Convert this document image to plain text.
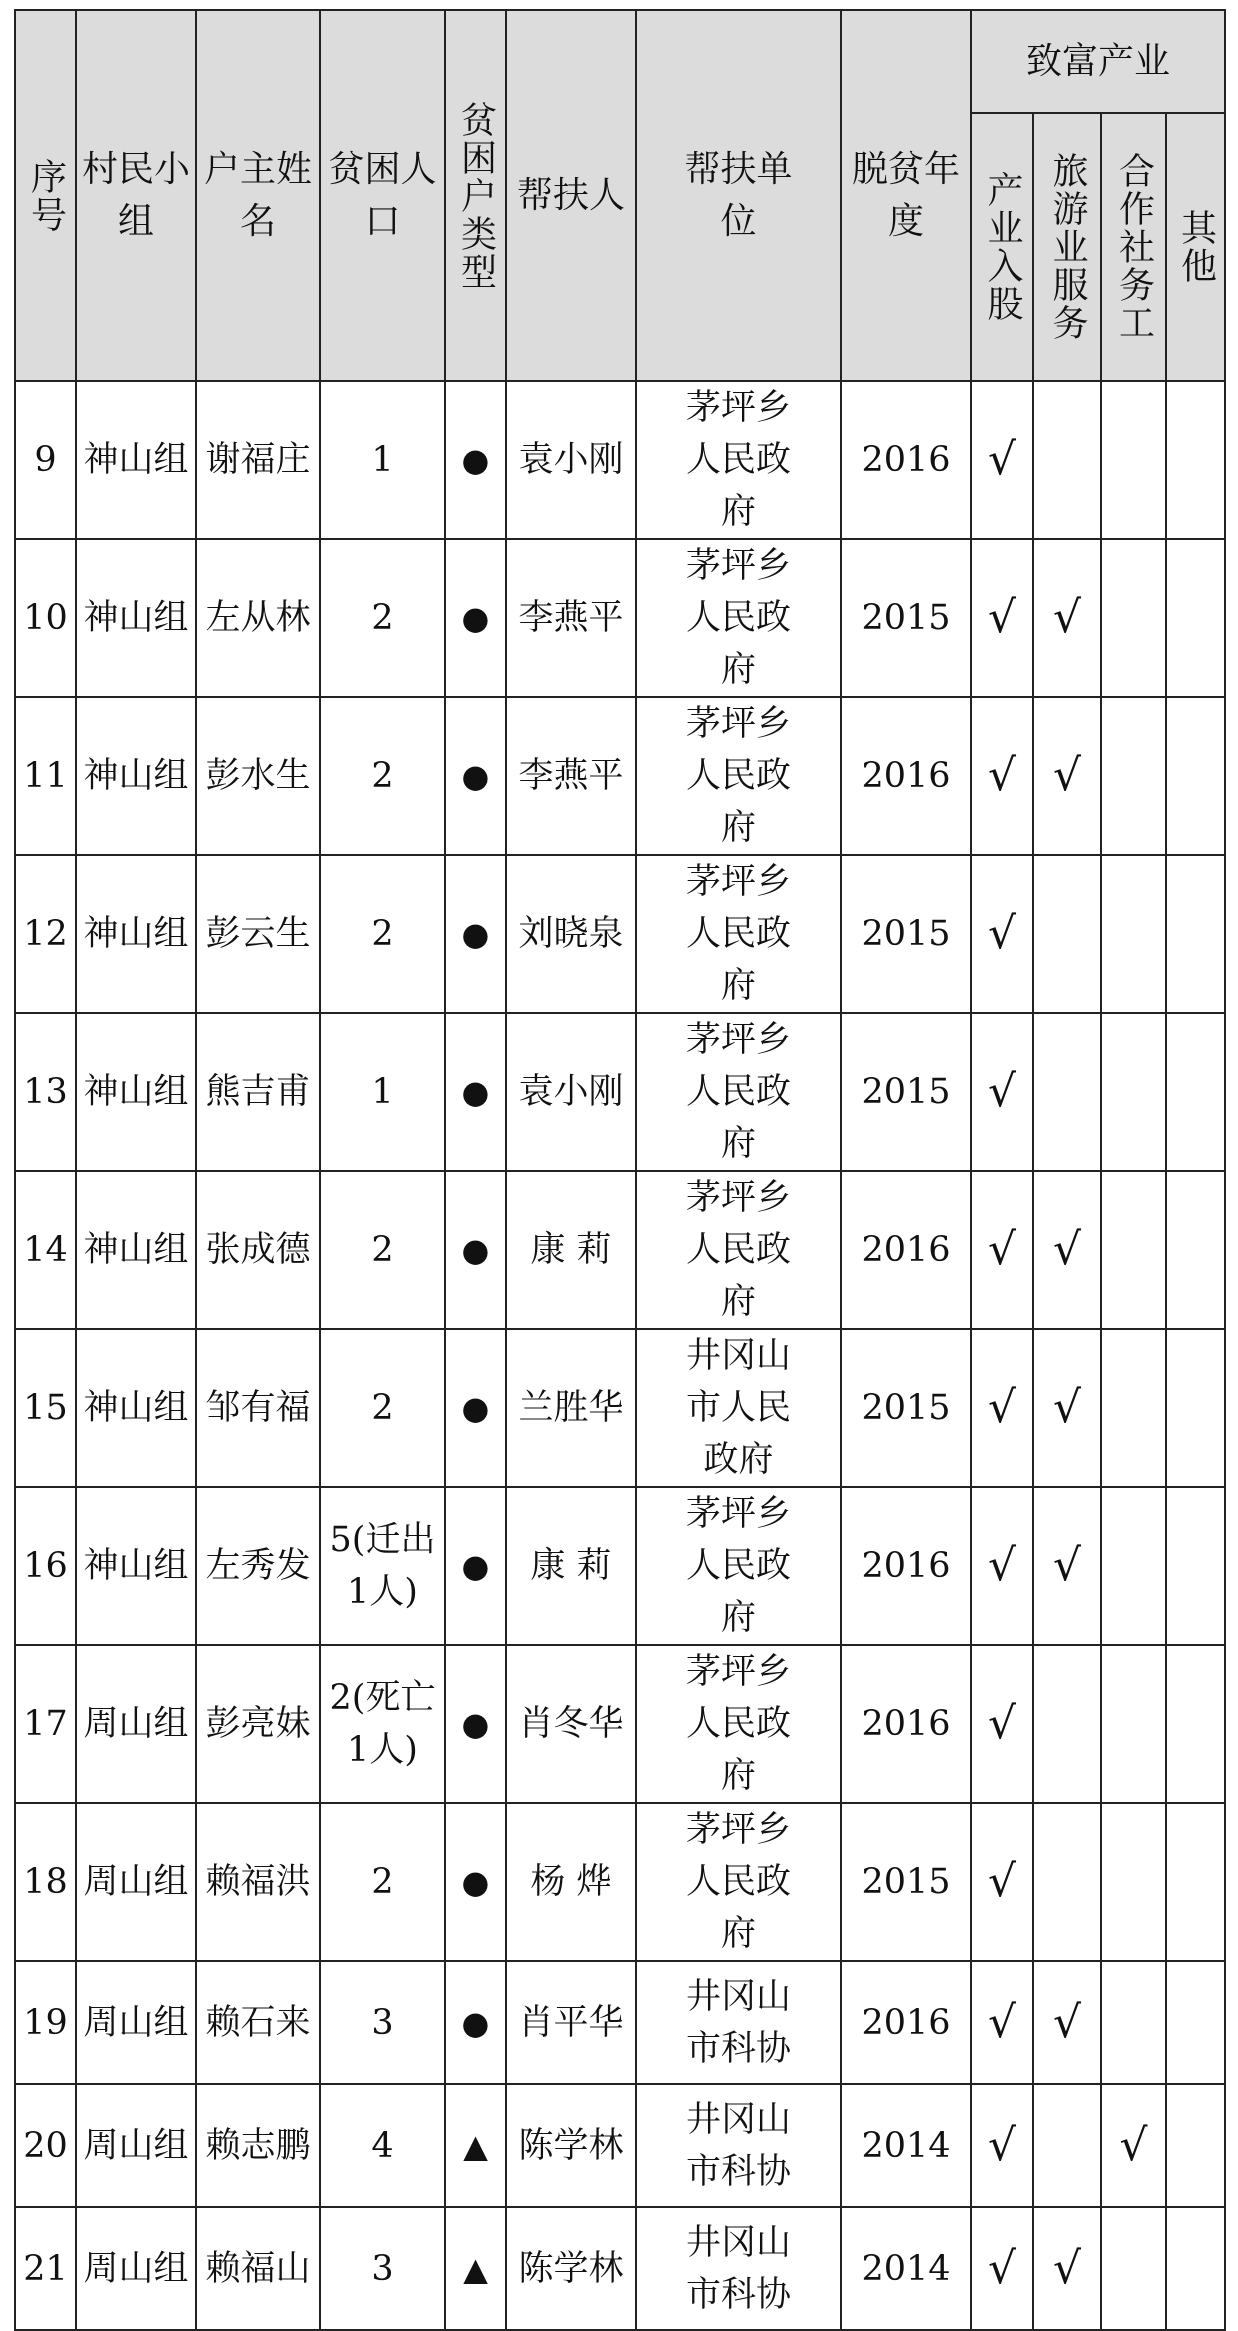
序号	村民小组	户主姓名	贫困人口	贫困户类型	帮扶人	帮扶单位	脱贫年度	致富产业			
								产业入股	旅游业服务	合作社务工	其他
9	神山组	谢福庄	1	●	袁小刚	茅坪乡人民政府	2016	√			
10	神山组	左从林	2	●	李燕平	茅坪乡人民政府	2015	√	√		
11	神山组	彭水生	2	●	李燕平	茅坪乡人民政府	2016	√	√		
12	神山组	彭云生	2	●	刘晓泉	茅坪乡人民政府	2015	√			
13	神山组	熊吉甫	1	●	袁小刚	茅坪乡人民政府	2015	√			
14	神山组	张成德	2	●	康 莉	茅坪乡人民政府	2016	√	√		
15	神山组	邹有福	2	●	兰胜华	井冈山市人民政府	2015	√	√		
16	神山组	左秀发	5(迁出1人)	●	康 莉	茅坪乡人民政府	2016	√	√		
17	周山组	彭亮妹	2(死亡1人)	●	肖冬华	茅坪乡人民政府	2016	√			
18	周山组	赖福洪	2	●	杨 烨	茅坪乡人民政府	2015	√			
19	周山组	赖石来	3	●	肖平华	井冈山市科协	2016	√	√		
20	周山组	赖志鹏	4	▲	陈学林	井冈山市科协	2014	√		√	
21	周山组	赖福山	3	▲	陈学林	井冈山市科协	2014	√	√		
